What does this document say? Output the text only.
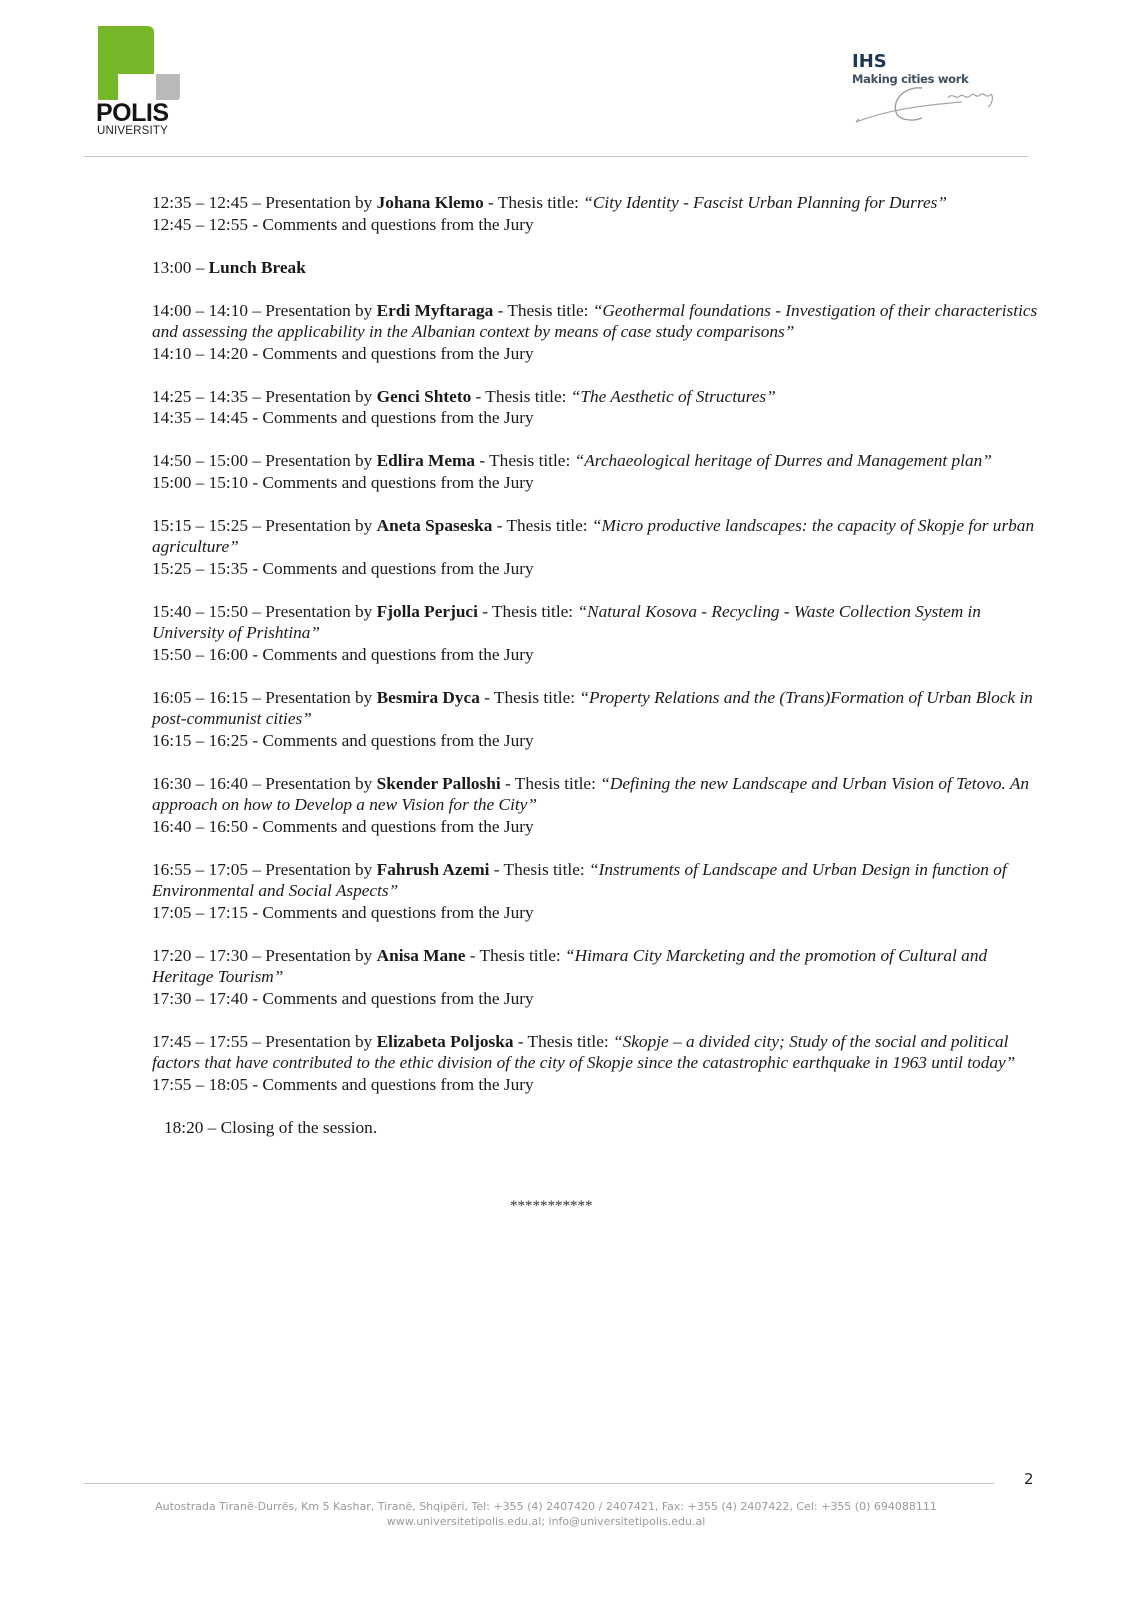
POLIS
UNIVERSITY
IHS
Making cities work

12:35 – 12:45 – Presentation by Johana Klemo - Thesis title: “City Identity - Fascist Urban Planning for Durres”

12:45 – 12:55 - Comments and questions from the Jury

13:00 – Lunch Break

14:00 – 14:10 – Presentation by Erdi Myftaraga - Thesis title: “Geothermal foundations - Investigation of their characteristics and assessing the applicability in the Albanian context by means of case study comparisons”

14:10 – 14:20 - Comments and questions from the Jury

14:25 – 14:35 – Presentation by Genci Shteto - Thesis title: “The Aesthetic of Structures”

14:35 – 14:45 - Comments and questions from the Jury

14:50 – 15:00 – Presentation by Edlira Mema - Thesis title: “Archaeological heritage of Durres and Management plan”

15:00 – 15:10 - Comments and questions from the Jury

15:15 – 15:25 – Presentation by Aneta Spaseska - Thesis title: “Micro productive landscapes: the capacity of Skopje for urban agriculture”

15:25 – 15:35 - Comments and questions from the Jury

15:40 – 15:50 – Presentation by Fjolla Perjuci - Thesis title: “Natural Kosova - Recycling - Waste Collection System in University of Prishtina”

15:50 – 16:00 - Comments and questions from the Jury

16:05 – 16:15 – Presentation by Besmira Dyca - Thesis title: “Property Relations and the (Trans)Formation of Urban Block in post-communist cities”

16:15 – 16:25 - Comments and questions from the Jury

16:30 – 16:40 – Presentation by Skender Palloshi - Thesis title: “Defining the new Landscape and Urban Vision of Tetovo. An approach on how to Develop a new Vision for the City”

16:40 – 16:50 - Comments and questions from the Jury

16:55 – 17:05 – Presentation by Fahrush Azemi - Thesis title: “Instruments of Landscape and Urban Design in function of Environmental and Social Aspects”

17:05 – 17:15 - Comments and questions from the Jury

17:20 – 17:30 – Presentation by Anisa Mane - Thesis title: “Himara City Marcketing and the promotion of Cultural and Heritage Tourism”

17:30 – 17:40 - Comments and questions from the Jury

17:45 – 17:55 – Presentation by Elizabeta Poljoska - Thesis title: “Skopje – a divided city; Study of the social and political factors that have contributed to the ethic division of the city of Skopje since the catastrophic earthquake in 1963 until today”

17:55 – 18:05 - Comments and questions from the Jury

18:20 – Closing of the session.

***********
2
Autostrada Tiranë-Durrës, Km 5 Kashar, Tiranë, Shqipëri, Tel: +355 (4) 2407420 / 2407421, Fax: +355 (4) 2407422, Cel: +355 (0) 694088111
www.universitetipolis.edu.al; info@universitetipolis.edu.al
